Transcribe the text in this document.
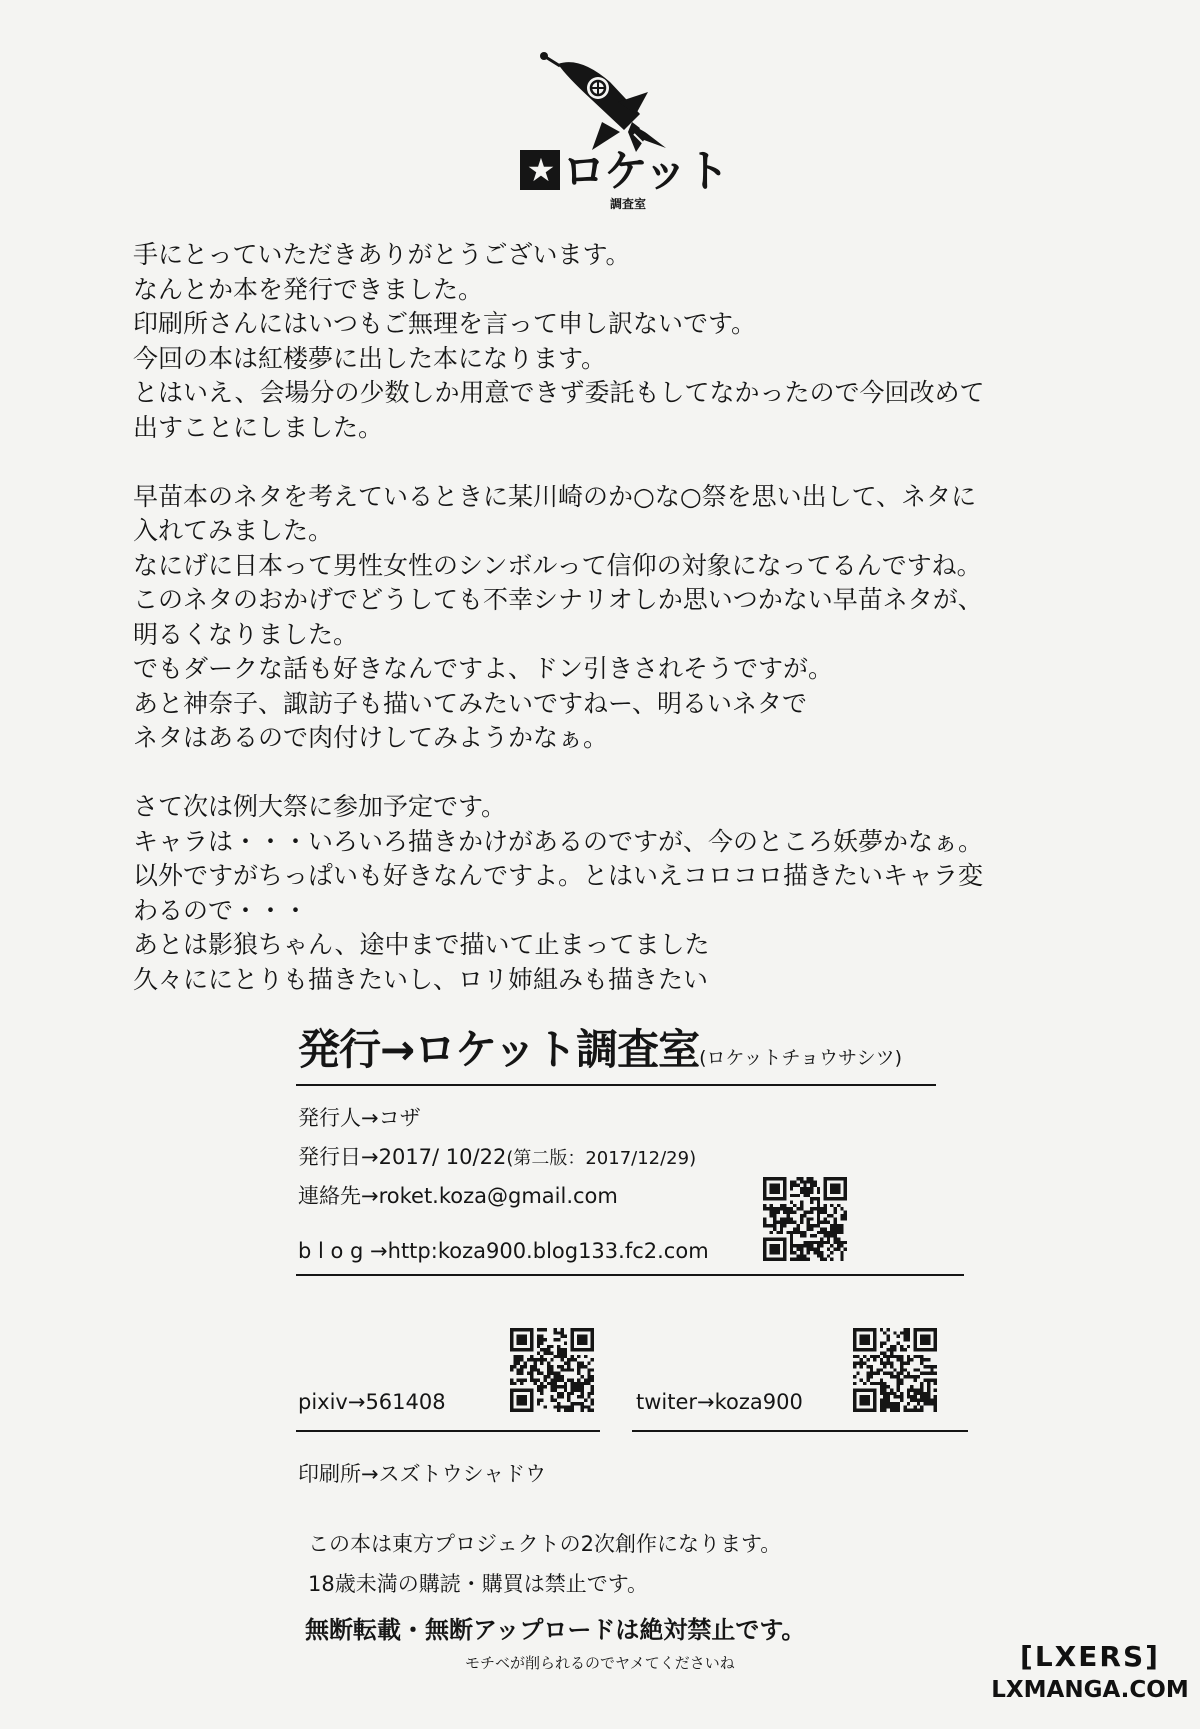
★ ロケット
調査室
手にとっていただきありがとうございます。
なんとか本を発行できました。
印刷所さんにはいつもご無理を言って申し訳ないです。
今回の本は紅楼夢に出した本になります。
とはいえ、会場分の少数しか用意できず委託もしてなかったので今回改めて
出すことにしました。
早苗本のネタを考えているときに某川崎のか○な○祭を思い出して、ネタに
入れてみました。
なにげに日本って男性女性のシンボルって信仰の対象になってるんですね。
このネタのおかげでどうしても不幸シナリオしか思いつかない早苗ネタが、
明るくなりました。
でもダークな話も好きなんですよ、ドン引きされそうですが。
あと神奈子、諏訪子も描いてみたいですねー、明るいネタで
ネタはあるので肉付けしてみようかなぁ。
さて次は例大祭に参加予定です。
キャラは・・・いろいろ描きかけがあるのですが、今のところ妖夢かなぁ。
以外ですがちっぱいも好きなんですよ。とはいえコロコロ描きたいキャラ変
わるので・・・
あとは影狼ちゃん、途中まで描いて止まってました
久々ににとりも描きたいし、ロリ姉組みも描きたい
発行→ロケット調査室(ロケットチョウサシツ)
発行人→コザ
発行日→2017/ 10/22(第二版：2017/12/29)
連絡先→roket.koza@gmail.com
b l o g →http:koza900.blog133.fc2.com
pixiv→561408	twiter→koza900
印刷所→スズトウシャドウ
この本は東方プロジェクトの2次創作になります。
18歳未満の購読・購買は禁止です。
無断転載・無断アップロードは絶対禁止です。
モチベが削られるのでヤメてくださいね	[LXERS]
LXMANGA.COM
